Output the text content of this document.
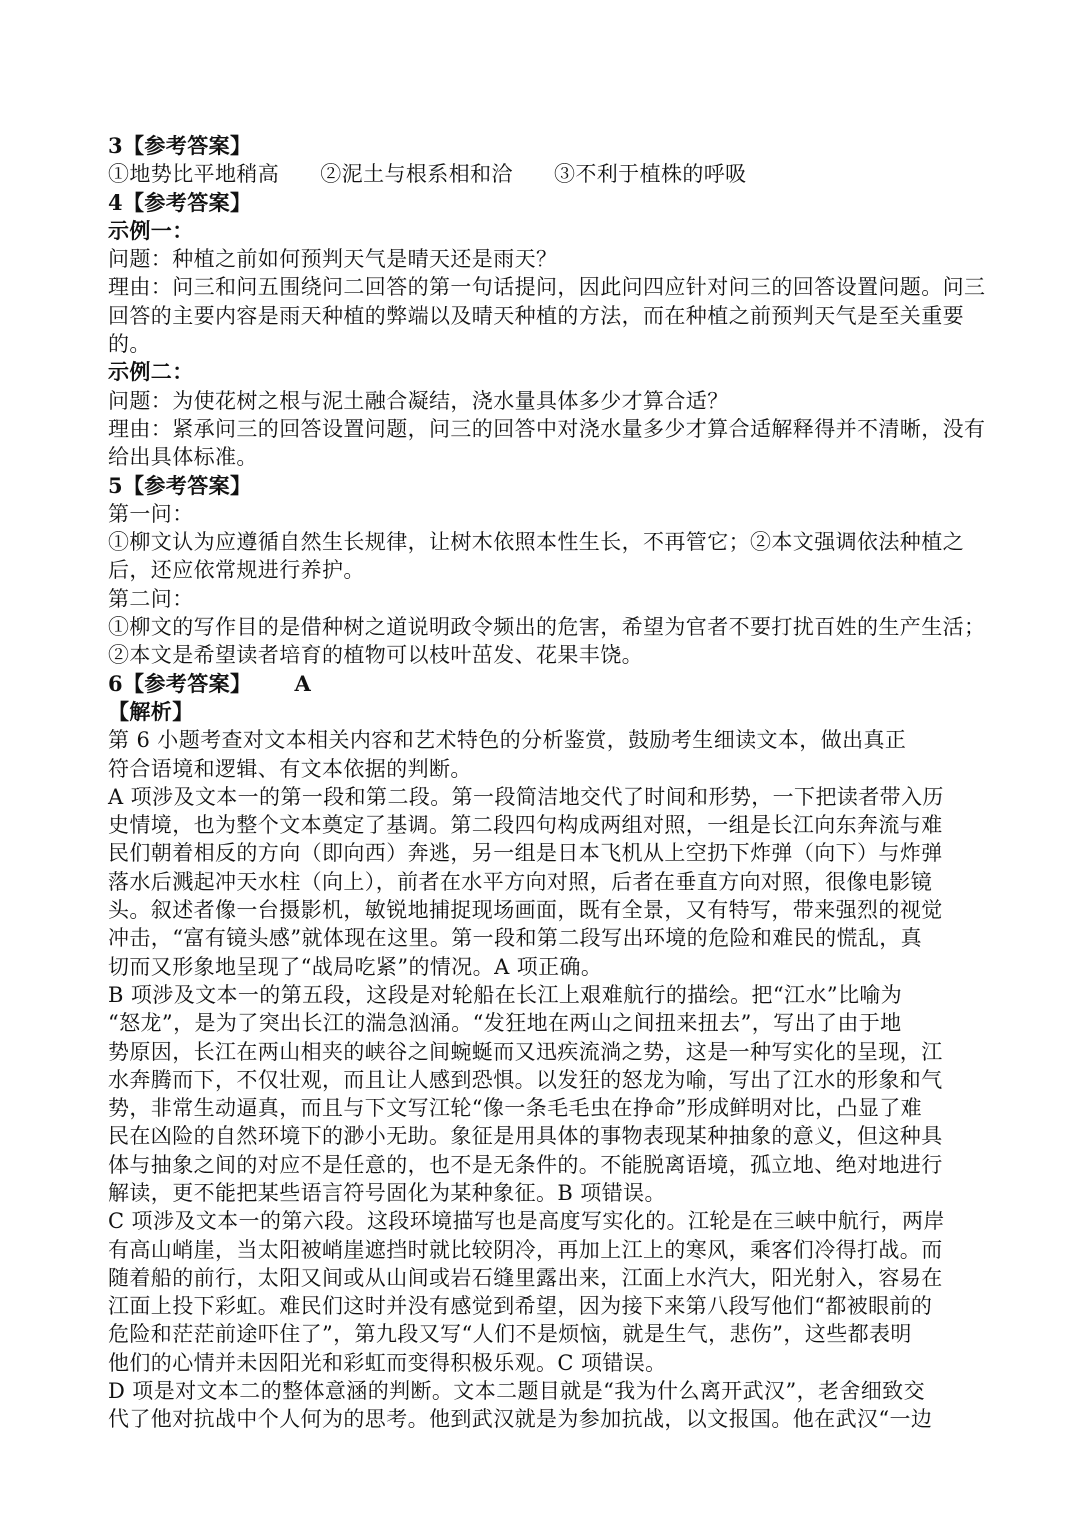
3【参考答案】
①地势比平地稍高 ②泥土与根系相和洽 ③不利于植株的呼吸
4【参考答案】
示例一：
问题：种植之前如何预判天气是晴天还是雨天？
理由：问三和问五围绕问二回答的第一句话提问，因此问四应针对问三的回答设置问题。问三
回答的主要内容是雨天种植的弊端以及晴天种植的方法，而在种植之前预判天气是至关重要
的。
示例二：
问题：为使花树之根与泥土融合凝结，浇水量具体多少才算合适？
理由：紧承问三的回答设置问题，问三的回答中对浇水量多少才算合适解释得并不清晰，没有
给出具体标准。
5【参考答案】
第一问：
①柳文认为应遵循自然生长规律，让树木依照本性生长，不再管它；②本文强调依法种植之
后，还应依常规进行养护。
第二问：
①柳文的写作目的是借种树之道说明政令频出的危害，希望为官者不要打扰百姓的生产生活；
②本文是希望读者培育的植物可以枝叶茁发、花果丰饶。
6【参考答案】 A
【解析】
第 6 小题考查对文本相关内容和艺术特色的分析鉴赏，鼓励考生细读文本，做出真正
符合语境和逻辑、有文本依据的判断。
A 项涉及文本一的第一段和第二段。第一段简洁地交代了时间和形势，一下把读者带入历
史情境，也为整个文本奠定了基调。第二段四句构成两组对照，一组是长江向东奔流与难
民们朝着相反的方向（即向西）奔逃，另一组是日本飞机从上空扔下炸弹（向下）与炸弹
落水后溅起冲天水柱（向上），前者在水平方向对照，后者在垂直方向对照，很像电影镜
头。叙述者像一台摄影机，敏锐地捕捉现场画面，既有全景，又有特写，带来强烈的视觉
冲击，“富有镜头感”就体现在这里。第一段和第二段写出环境的危险和难民的慌乱，真
切而又形象地呈现了“战局吃紧”的情况。A 项正确。
B 项涉及文本一的第五段，这段是对轮船在长江上艰难航行的描绘。把“江水”比喻为
“怒龙”，是为了突出长江的湍急汹涌。“发狂地在两山之间扭来扭去”，写出了由于地
势原因，长江在两山相夹的峡谷之间蜿蜒而又迅疾流淌之势，这是一种写实化的呈现，江
水奔腾而下，不仅壮观，而且让人感到恐惧。以发狂的怒龙为喻，写出了江水的形象和气
势，非常生动逼真，而且与下文写江轮“像一条毛毛虫在挣命”形成鲜明对比，凸显了难
民在凶险的自然环境下的渺小无助。象征是用具体的事物表现某种抽象的意义，但这种具
体与抽象之间的对应不是任意的，也不是无条件的。不能脱离语境，孤立地、绝对地进行
解读，更不能把某些语言符号固化为某种象征。B 项错误。
C 项涉及文本一的第六段。这段环境描写也是高度写实化的。江轮是在三峡中航行，两岸
有高山峭崖，当太阳被峭崖遮挡时就比较阴冷，再加上江上的寒风，乘客们冷得打战。而
随着船的前行，太阳又间或从山间或岩石缝里露出来，江面上水汽大，阳光射入，容易在
江面上投下彩虹。难民们这时并没有感觉到希望，因为接下来第八段写他们“都被眼前的
危险和茫茫前途吓住了”，第九段又写“人们不是烦恼，就是生气，悲伤”，这些都表明
他们的心情并未因阳光和彩虹而变得积极乐观。C 项错误。
D 项是对文本二的整体意涵的判断。文本二题目就是“我为什么离开武汉”，老舍细致交
代了他对抗战中个人何为的思考。他到武汉就是为参加抗战，以文报国。他在武汉“一边
